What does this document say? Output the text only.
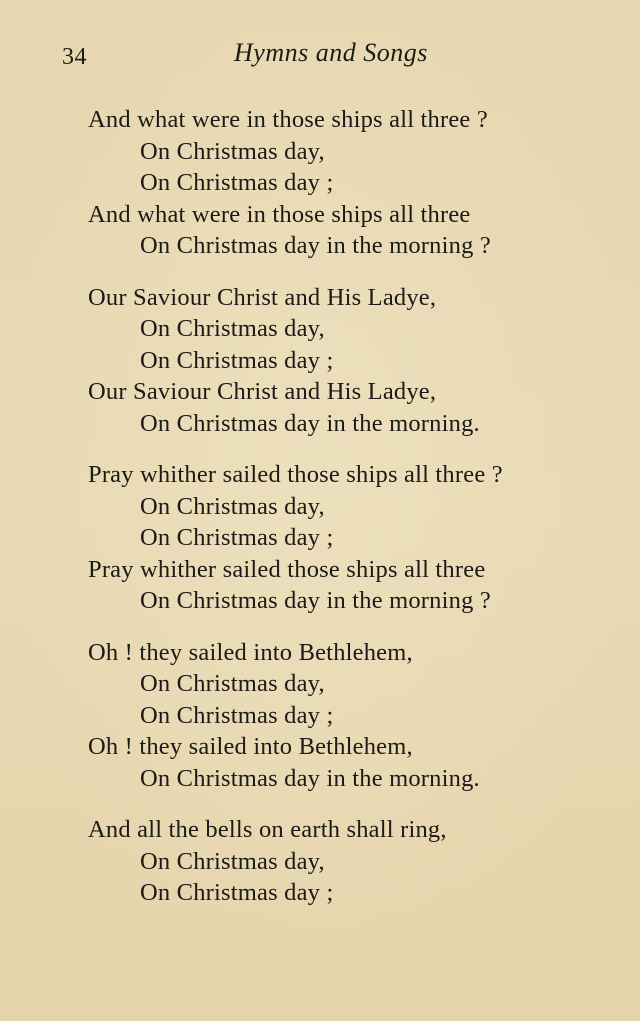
34	Hymns and Songs
And what were in those ships all three ?
On Christmas day,
On Christmas day ;
And what were in those ships all three
On Christmas day in the morning ?
Our Saviour Christ and His Ladye,
On Christmas day,
On Christmas day ;
Our Saviour Christ and His Ladye,
On Christmas day in the morning.
Pray whither sailed those ships all three ?
On Christmas day,
On Christmas day ;
Pray whither sailed those ships all three
On Christmas day in the morning ?
Oh ! they sailed into Bethlehem,
On Christmas day,
On Christmas day ;
Oh ! they sailed into Bethlehem,
On Christmas day in the morning.
And all the bells on earth shall ring,
On Christmas day,
On Christmas day ;
